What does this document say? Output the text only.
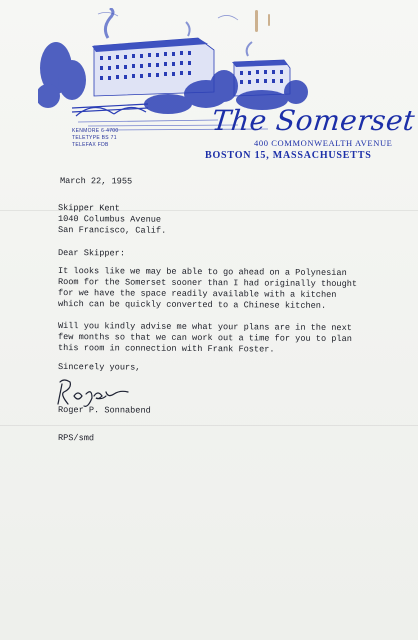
KENMORE 6-4700
TELETYPE BS 71
TELEFAX FDB
The Somerset
400 COMMONWEALTH AVENUE
BOSTON 15, MASSACHUSETTS
March 22, 1955
Skipper Kent
1040 Columbus Avenue
San Francisco, Calif.
Dear Skipper:
It looks like we may be able to go ahead on a Polynesian
Room for the Somerset sooner than I had originally thought
for we have the space readily available with a kitchen
which can be quickly converted to a Chinese kitchen.
Will you kindly advise me what your plans are in the next
few months so that we can work out a time for you to plan
this room in connection with Frank Foster.
Sincerely yours,
Roger P. Sonnabend
RPS/smd
